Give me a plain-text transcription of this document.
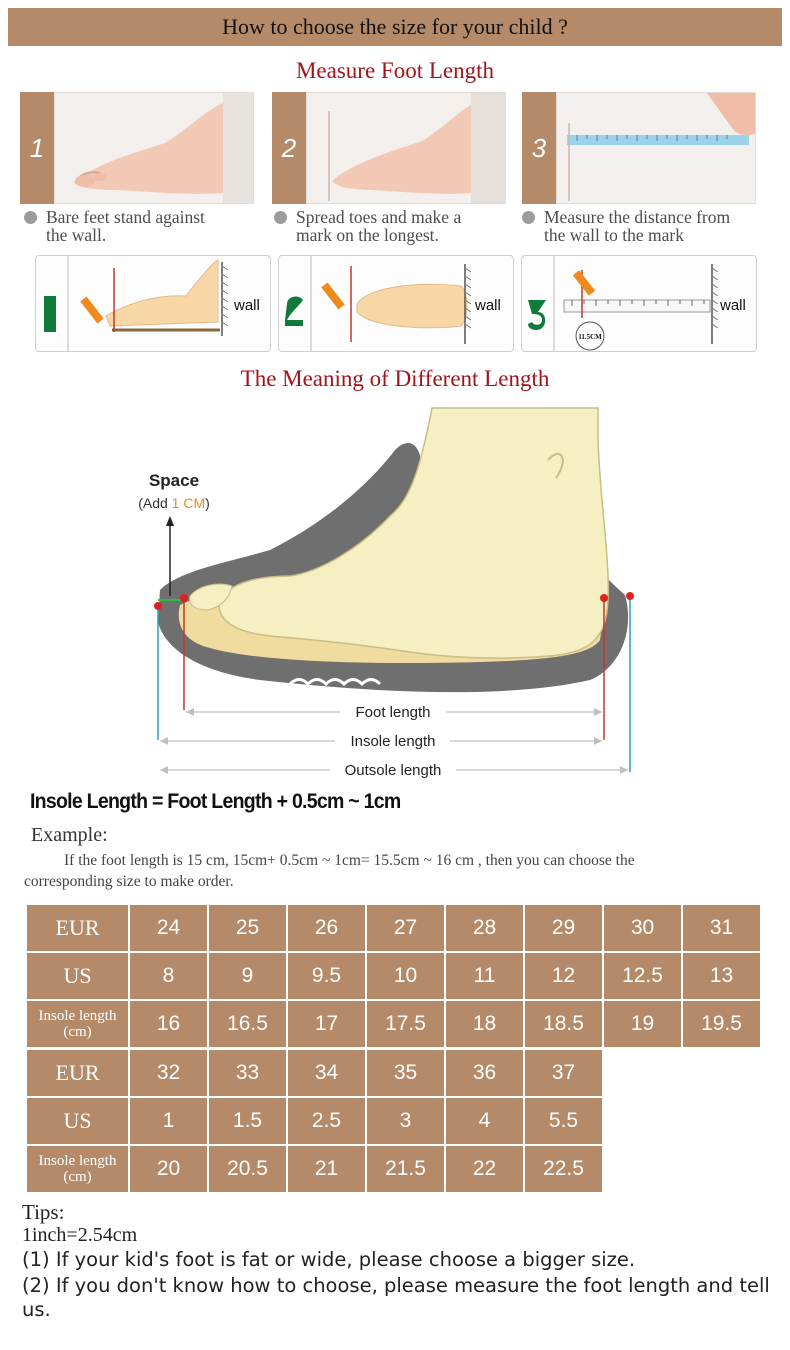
How to choose the size for your child ?
Measure Foot Length
1	2	3
Bare feet stand against
the wall.
Spread toes and make a
mark on the longest.
Measure the distance from
the wall to the mark
wall	wall
11.5CM
wall
The Meaning of Different Length
Space
(Add 1 CM)
Foot length
Insole length
Outsole length
Insole Length = Foot Length + 0.5cm ~ 1cm
Example:
If the foot length is 15 cm, 15cm+ 0.5cm ~ 1cm= 15.5cm ~ 16 cm , then you can choose the corresponding size to make order.
EUR	24	25	26	27	28	29	30	31
US	8	9	9.5	10	11	12	12.5	13
Insole length (cm)	16	16.5	17	17.5	18	18.5	19	19.5
EUR	32	33	34	35	36	37
US	1	1.5	2.5	3	4	5.5
Insole length (cm)	20	20.5	21	21.5	22	22.5
Tips:
1inch=2.54cm
(1) If your kid's foot is fat or wide, please choose a bigger size.
(2) If you don't know how to choose, please measure the foot length and tell us.
